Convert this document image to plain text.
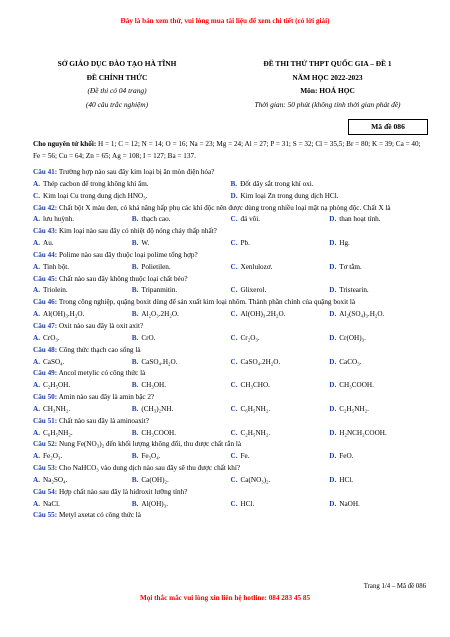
Đây là bản xem thử, vui lòng mua tài liệu để xem chi tiết (có lời giải)
SỞ GIÁO DỤC ĐÀO TẠO HÀ TĨNH
ĐỀ CHÍNH THỨC
(Đề thi có 04 trang)
(40 câu trắc nghiệm)
ĐỀ THI THỬ THPT QUỐC GIA – ĐỀ 1
NĂM HỌC 2022-2023
Môn: HOÁ HỌC
Thời gian: 50 phút (không tính thời gian phát đề)
Mã đề 086
Cho nguyên tử khối: H = 1; C = 12; N = 14; O = 16; Na = 23; Mg = 24; Al = 27; P = 31; S = 32; Cl = 35,5; Br = 80; K = 39; Ca = 40; Fe = 56; Cu = 64; Zn = 65; Ag = 108; I = 127; Ba = 137.
Câu 41: Trường hợp nào sau đây kim loại bị ăn mòn điện hóa?
A. Thép cacbon để trong không khí ẩm.	B. Đốt dây sắt trong khí oxi.
C. Kim loại Cu trong dung dịch HNO₃.	D. Kim loại Zn trong dung dịch HCl.
Câu 42: Chất bột X màu đen, có khả năng hấp phụ các khí độc nên được dùng trong nhiều loại mặt nạ phòng độc. Chất X là
A. lưu huỳnh.	B. thạch cao.	C. đá vôi.	D. than hoạt tính.
Câu 43: Kim loại nào sau đây có nhiệt độ nóng chảy thấp nhất?
A. Au.	B. W.	C. Pb.	D. Hg.
Câu 44: Polime nào sau đây thuộc loại polime tổng hợp?
A. Tinh bột.	B. Polietilen.	C. Xenlulozơ.	D. Tơ tằm.
Câu 45: Chất nào sau đây không thuộc loại chất béo?
A. Triolein.	B. Tripanmitin.	C. Glixerol.	D. Tristearin.
Câu 46: Trong công nghiệp, quặng boxit dùng để sản xuất kim loại nhôm. Thành phần chính của quặng boxit là
A. Al(OH)₃.H₂O.	B. Al₂O₃.2H₂O.	C. Al(OH)₃.2H₂O.	D. Al₂(SO₄)₃.H₂O.
Câu 47: Oxit nào sau đây là oxit axit?
A. CrO₃.	B. CrO.	C. Cr₂O₃.	D. Cr(OH)₃.
Câu 48: Công thức thạch cao sống là
A. CaSO₄.	B. CaSO₄.H₂O.	C. CaSO₄.2H₂O.	D. CaCO₃.
Câu 49: Ancol metylic có công thức là
A. C₂H₅OH.	B. CH₃OH.	C. CH₃CHO.	D. CH₃COOH.
Câu 50: Amin nào sau đây là amin bậc 2?
A. CH₃NH₂.	B. (CH₃)₂NH.	C. C₆H₅NH₂.	D. C₂H₅NH₂.
Câu 51: Chất nào sau đây là aminoaxit?
A. C₆H₅NH₂.	B. CH₃COOH.	C. C₂H₅NH₂.	D. H₂NCH₂COOH.
Câu 52: Nung Fe(NO₃)₂ đến khối lượng không đổi, thu được chất rắn là
A. Fe₂O₃.	B. Fe₃O₄.	C. Fe.	D. FeO.
Câu 53: Cho NaHCO₃ vào dung dịch nào sau đây sẽ thu được chất khí?
A. Na₂SO₄.	B. Ca(OH)₂.	C. Ca(NO₃)₂.	D. HCl.
Câu 54: Hợp chất nào sau đây là hiđroxit lưỡng tính?
A. NaCl.	B. Al(OH)₃.	C. HCl.	D. NaOH.
Câu 55: Metyl axetat có công thức là
Trang 1/4 – Mã đề 086
Mọi thắc mắc vui lòng xin liên hệ hotline: 084 283 45 85
